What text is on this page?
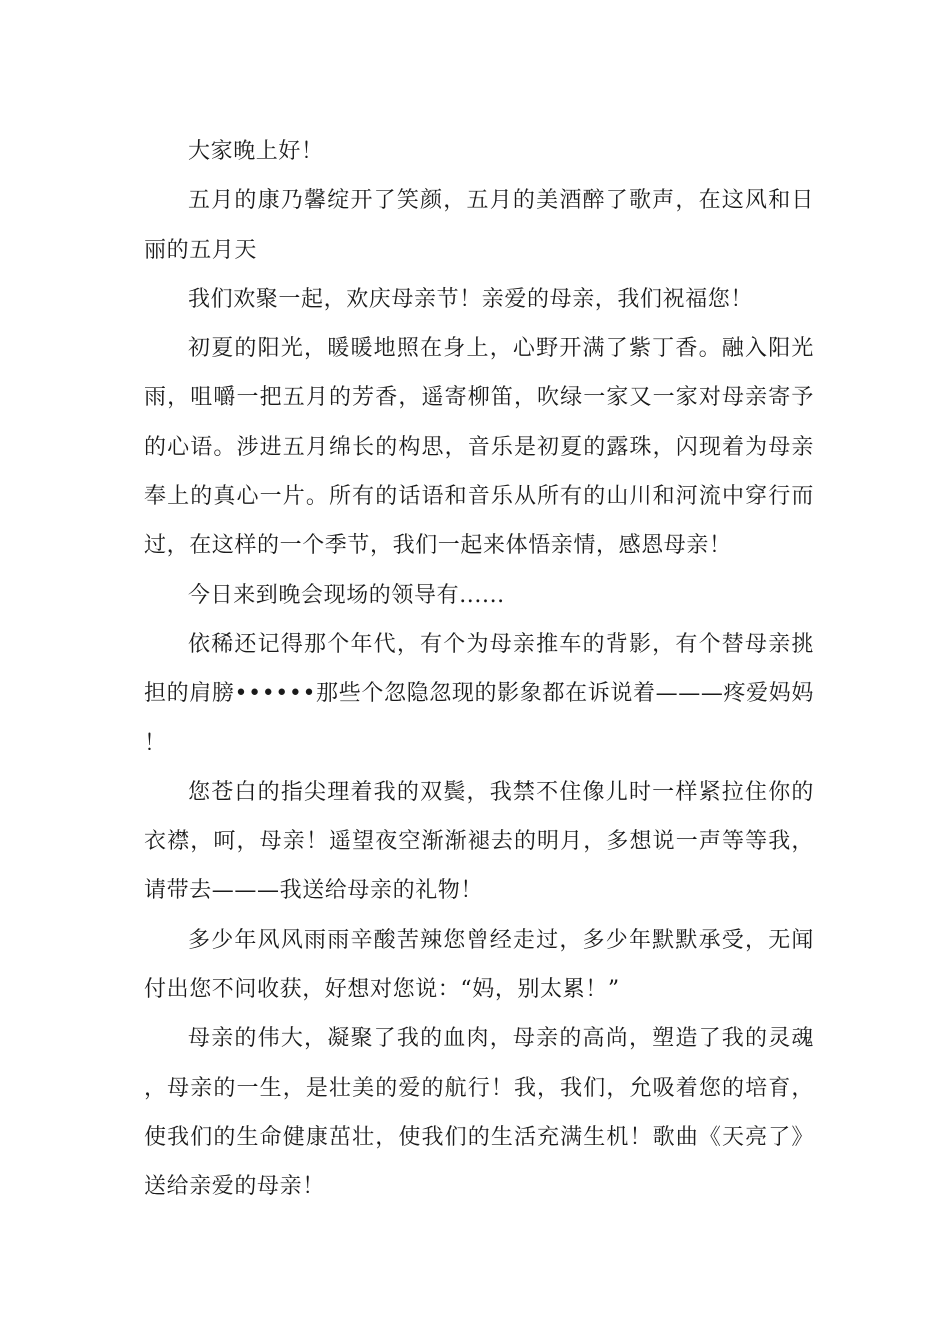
大家晚上好！

五月的康乃馨绽开了笑颜，五月的美酒醉了歌声，在这风和日丽的五月天

我们欢聚一起，欢庆母亲节！亲爱的母亲，我们祝福您！

初夏的阳光，暖暖地照在身上，心野开满了紫丁香。融入阳光雨，咀嚼一把五月的芳香，遥寄柳笛，吹绿一家又一家对母亲寄予的心语。涉进五月绵长的构思，音乐是初夏的露珠，闪现着为母亲奉上的真心一片。所有的话语和音乐从所有的山川和河流中穿行而过，在这样的一个季节，我们一起来体悟亲情，感恩母亲！

今日来到晚会现场的领导有......

依稀还记得那个年代，有个为母亲推车的背影，有个替母亲挑担的肩膀••••••那些个忽隐忽现的影象都在诉说着———疼爱妈妈！

您苍白的指尖理着我的双鬓，我禁不住像儿时一样紧拉住你的衣襟，呵，母亲！遥望夜空渐渐褪去的明月，多想说一声等等我，请带去———我送给母亲的礼物！

多少年风风雨雨辛酸苦辣您曾经走过，多少年默默承受，无闻付出您不问收获，好想对您说：“妈，别太累！”

母亲的伟大，凝聚了我的血肉，母亲的高尚，塑造了我的灵魂，母亲的一生，是壮美的爱的航行！我，我们，允吸着您的培育，使我们的生命健康茁壮，使我们的生活充满生机！歌曲《天亮了》送给亲爱的母亲！
